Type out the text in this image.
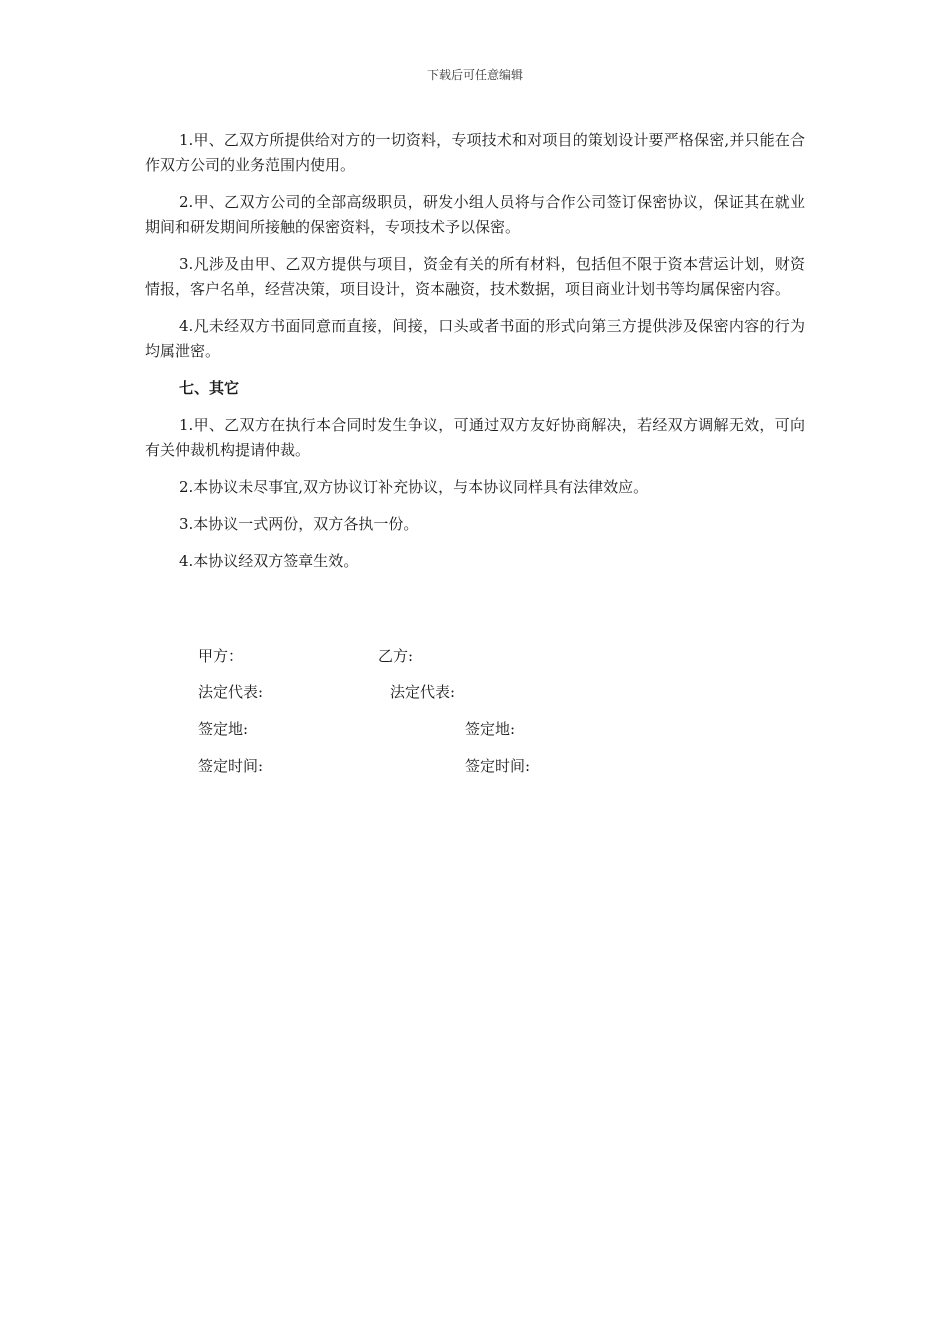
下载后可任意编辑

1.甲、乙双方所提供给对方的一切资料，专项技术和对项目的策划设计要严格保密,并只能在合作双方公司的业务范围内使用。

2.甲、乙双方公司的全部高级职员，研发小组人员将与合作公司签订保密协议，保证其在就业期间和研发期间所接触的保密资料，专项技术予以保密。

3.凡涉及由甲、乙双方提供与项目，资金有关的所有材料，包括但不限于资本营运计划，财资情报，客户名单，经营决策，项目设计，资本融资，技术数据，项目商业计划书等均属保密内容。

4.凡未经双方书面同意而直接，间接，口头或者书面的形式向第三方提供涉及保密内容的行为均属泄密。

七、其它

1.甲、乙双方在执行本合同时发生争议，可通过双方友好协商解决，若经双方调解无效，可向有关仲裁机构提请仲裁。

2.本协议未尽事宜,双方协议订补充协议，与本协议同样具有法律效应。

3.本协议一式两份，双方各执一份。

4.本协议经双方签章生效。

甲方：	乙方:
法定代表:	法定代表:
签定地:	签定地:
签定时间:	签定时间:
